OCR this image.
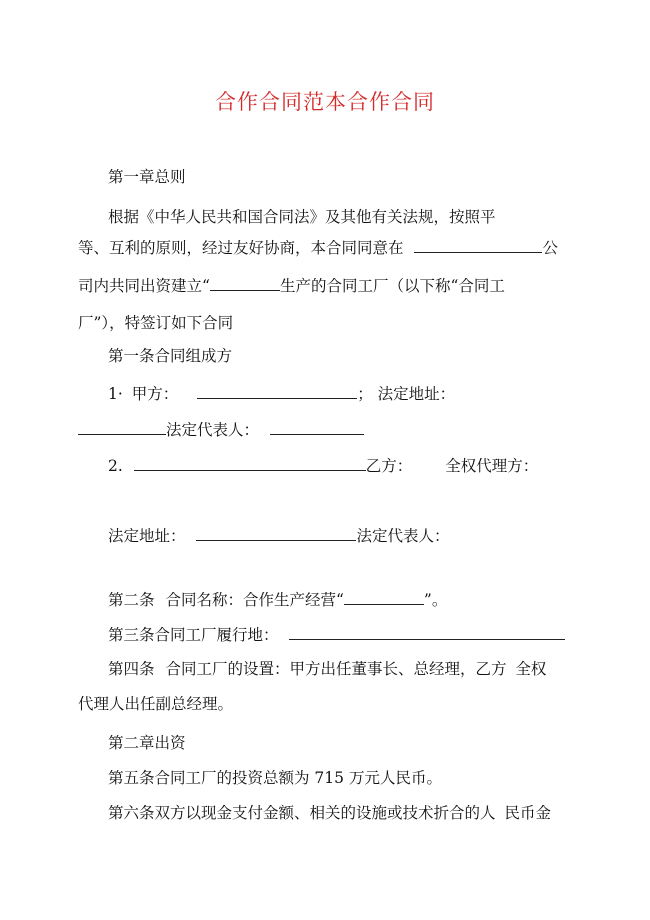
合作合同范本合作合同
第一章总则
根据《中华人民共和国合同法》及其他有关法规，按照平
等、互利的原则，经过友好协商，本合同同意在	公
司内共同出资建立“	生产的合同工厂（以下称“合同工
厂”），特签订如下合同
第一条合同组成方
1· 甲方：	； 法定地址：
法定代表人：
2.	乙方： 全权代理方：
法定地址：	法定代表人：
第二条 合同名称：合作生产经营“	”。
第三条合同工厂履行地：
第四条 合同工厂的设置：甲方出任董事长、总经理，乙方 全权
代理人出任副总经理。
第二章出资
第五条合同工厂的投资总额为 715 万元人民币。
第六条双方以现金支付金额、相关的设施或技术折合的人 民币金
